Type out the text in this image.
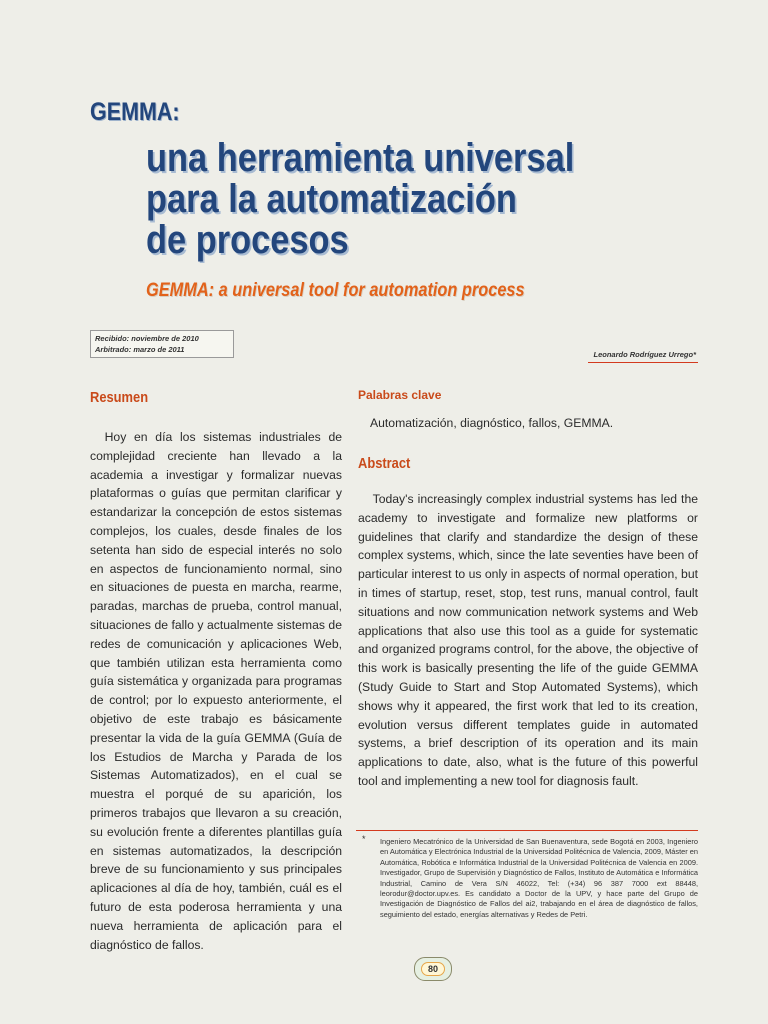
GEMMA:
una herramienta universal
para la automatización
de procesos
GEMMA: a universal tool for automation process
Recibido: noviembre de 2010
Arbitrado: marzo de 2011
Leonardo Rodríguez Urrego*
Resumen

Hoy en día los sistemas industriales de complejidad creciente han llevado a la academia a investigar y formalizar nuevas plataformas o guías que permitan clarificar y estandarizar la concepción de estos sistemas complejos, los cuales, desde finales de los setenta han sido de especial interés no solo en aspectos de funcionamiento normal, sino en situaciones de puesta en marcha, rearme, paradas, marchas de prueba, control manual, situaciones de fallo y actualmente sistemas de redes de comunicación y aplicaciones Web, que también utilizan esta herramienta como guía sistemática y organizada para programas de control; por lo expuesto anteriormente, el objetivo de este trabajo es básicamente presentar la vida de la guía GEMMA (Guía de los Estudios de Marcha y Parada de los Sistemas Automatizados), en el cual se muestra el porqué de su aparición, los primeros trabajos que llevaron a su creación, su evolución frente a diferentes plantillas guía en sistemas automatizados, la descripción breve de su funcionamiento y sus principales aplicaciones al día de hoy, también, cuál es el futuro de esta poderosa herramienta y una nueva herramienta de aplicación para el diagnóstico de fallos.

Palabras clave
Automatización, diagnóstico, fallos, GEMMA.
Abstract

Today's increasingly complex industrial systems has led the academy to investigate and formalize new platforms or guidelines that clarify and standardize the design of these complex systems, which, since the late seventies have been of particular interest to us only in aspects of normal operation, but in times of startup, reset, stop, test runs, manual control, fault situations and now communication network systems and Web applications that also use this tool as a guide for systematic and organized programs control, for the above, the objective of this work is basically presenting the life of the guide GEMMA (Study Guide to Start and Stop Automated Systems), which shows why it appeared, the first work that led to its creation, evolution versus different templates guide in automated systems, a brief description of its operation and its main applications to date, also, what is the future of this powerful tool and implementing a new tool for diagnosis fault.

* Ingeniero Mecatrónico de la Universidad de San Buenaventura, sede Bogotá en 2003, Ingeniero en Automática y Electrónica Industrial de la Universidad Politécnica de Valencia, 2009, Máster en Automática, Robótica e Informática Industrial de la Universidad Politécnica de Valencia en 2009. Investigador, Grupo de Supervisión y Diagnóstico de Fallos, Instituto de Automática e Informática Industrial, Camino de Vera S/N 46022, Tel: (+34) 96 387 7000 ext 88448, leorodur@doctor.upv.es. Es candidato a Doctor de la UPV, y hace parte del Grupo de Investigación de Diagnóstico de Fallos del ai2, trabajando en el área de diagnóstico de fallos, seguimiento del estado, energías alternativas y Redes de Petri.
80
